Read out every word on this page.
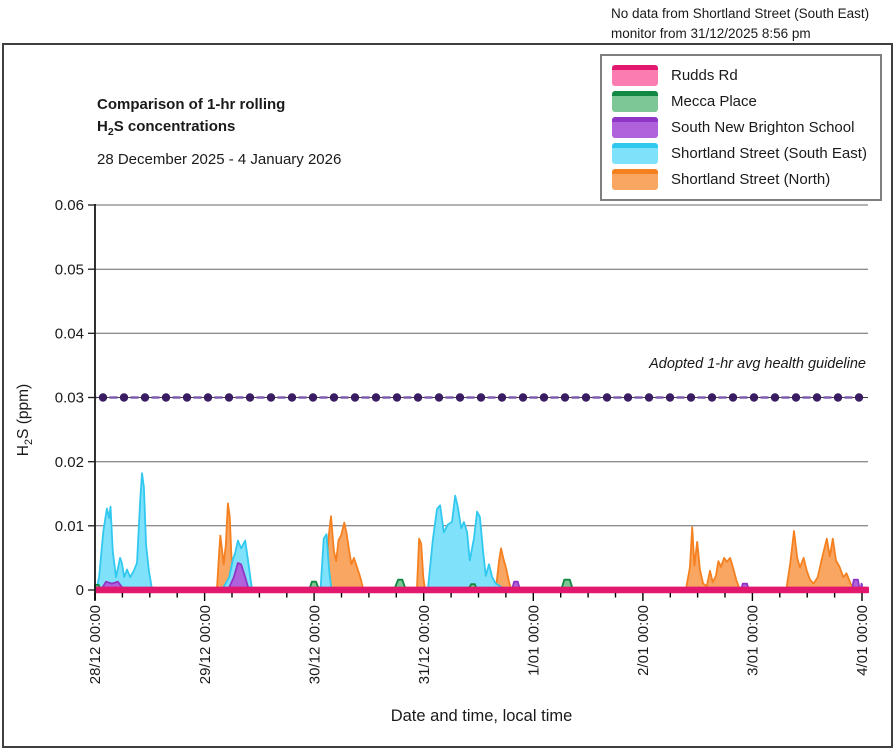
No data from Shortland Street (South East)
monitor from 31/12/2025 8:56 pm
Comparison of 1-hr rolling
$H_2S$ concentrations
28 December 2025 - 4 January 2026
Rudds Rd
Mecca Place
South New Brighton School
Shortland Street (South East)
Shortland Street (North)
0
0.01
0.02
0.03
0.04
0.05
0.06
28/12 00:00	29/12 00:00	30/12 00:00	31/12 00:00	1/01 00:00	2/01 00:00	3/01 00:00	4/01 00:00
Adopted 1-hr avg health guideline
Date and time, local time
$H_2S$ (ppm)
